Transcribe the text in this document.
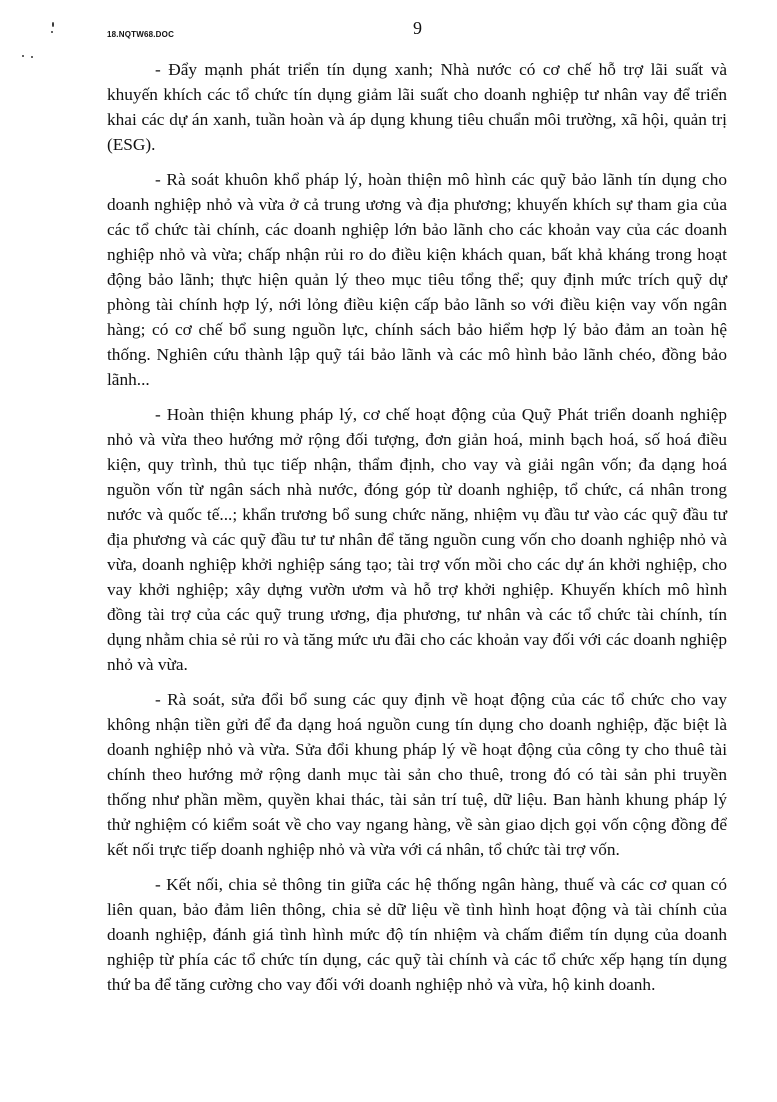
18.NQTW68.DOC	9

- Đẩy mạnh phát triển tín dụng xanh; Nhà nước có cơ chế hỗ trợ lãi suất và khuyến khích các tổ chức tín dụng giảm lãi suất cho doanh nghiệp tư nhân vay để triển khai các dự án xanh, tuần hoàn và áp dụng khung tiêu chuẩn môi trường, xã hội, quản trị (ESG).

- Rà soát khuôn khổ pháp lý, hoàn thiện mô hình các quỹ bảo lãnh tín dụng cho doanh nghiệp nhỏ và vừa ở cả trung ương và địa phương; khuyến khích sự tham gia của các tổ chức tài chính, các doanh nghiệp lớn bảo lãnh cho các khoản vay của các doanh nghiệp nhỏ và vừa; chấp nhận rủi ro do điều kiện khách quan, bất khả kháng trong hoạt động bảo lãnh; thực hiện quản lý theo mục tiêu tổng thể; quy định mức trích quỹ dự phòng tài chính hợp lý, nới lỏng điều kiện cấp bảo lãnh so với điều kiện vay vốn ngân hàng; có cơ chế bổ sung nguồn lực, chính sách bảo hiểm hợp lý bảo đảm an toàn hệ thống. Nghiên cứu thành lập quỹ tái bảo lãnh và các mô hình bảo lãnh chéo, đồng bảo lãnh...

- Hoàn thiện khung pháp lý, cơ chế hoạt động của Quỹ Phát triển doanh nghiệp nhỏ và vừa theo hướng mở rộng đối tượng, đơn giản hoá, minh bạch hoá, số hoá điều kiện, quy trình, thủ tục tiếp nhận, thẩm định, cho vay và giải ngân vốn; đa dạng hoá nguồn vốn từ ngân sách nhà nước, đóng góp từ doanh nghiệp, tổ chức, cá nhân trong nước và quốc tế...; khẩn trương bổ sung chức năng, nhiệm vụ đầu tư vào các quỹ đầu tư địa phương và các quỹ đầu tư tư nhân để tăng nguồn cung vốn cho doanh nghiệp nhỏ và vừa, doanh nghiệp khởi nghiệp sáng tạo; tài trợ vốn mồi cho các dự án khởi nghiệp, cho vay khởi nghiệp; xây dựng vườn ươm và hỗ trợ khởi nghiệp. Khuyến khích mô hình đồng tài trợ của các quỹ trung ương, địa phương, tư nhân và các tổ chức tài chính, tín dụng nhằm chia sẻ rủi ro và tăng mức ưu đãi cho các khoản vay đối với các doanh nghiệp nhỏ và vừa.

- Rà soát, sửa đổi bổ sung các quy định về hoạt động của các tổ chức cho vay không nhận tiền gửi để đa dạng hoá nguồn cung tín dụng cho doanh nghiệp, đặc biệt là doanh nghiệp nhỏ và vừa. Sửa đổi khung pháp lý về hoạt động của công ty cho thuê tài chính theo hướng mở rộng danh mục tài sản cho thuê, trong đó có tài sản phi truyền thống như phần mềm, quyền khai thác, tài sản trí tuệ, dữ liệu. Ban hành khung pháp lý thử nghiệm có kiểm soát về cho vay ngang hàng, về sàn giao dịch gọi vốn cộng đồng để kết nối trực tiếp doanh nghiệp nhỏ và vừa với cá nhân, tổ chức tài trợ vốn.

- Kết nối, chia sẻ thông tin giữa các hệ thống ngân hàng, thuế và các cơ quan có liên quan, bảo đảm liên thông, chia sẻ dữ liệu về tình hình hoạt động và tài chính của doanh nghiệp, đánh giá tình hình mức độ tín nhiệm và chấm điểm tín dụng của doanh nghiệp từ phía các tổ chức tín dụng, các quỹ tài chính và các tổ chức xếp hạng tín dụng thứ ba để tăng cường cho vay đối với doanh nghiệp nhỏ và vừa, hộ kinh doanh.
